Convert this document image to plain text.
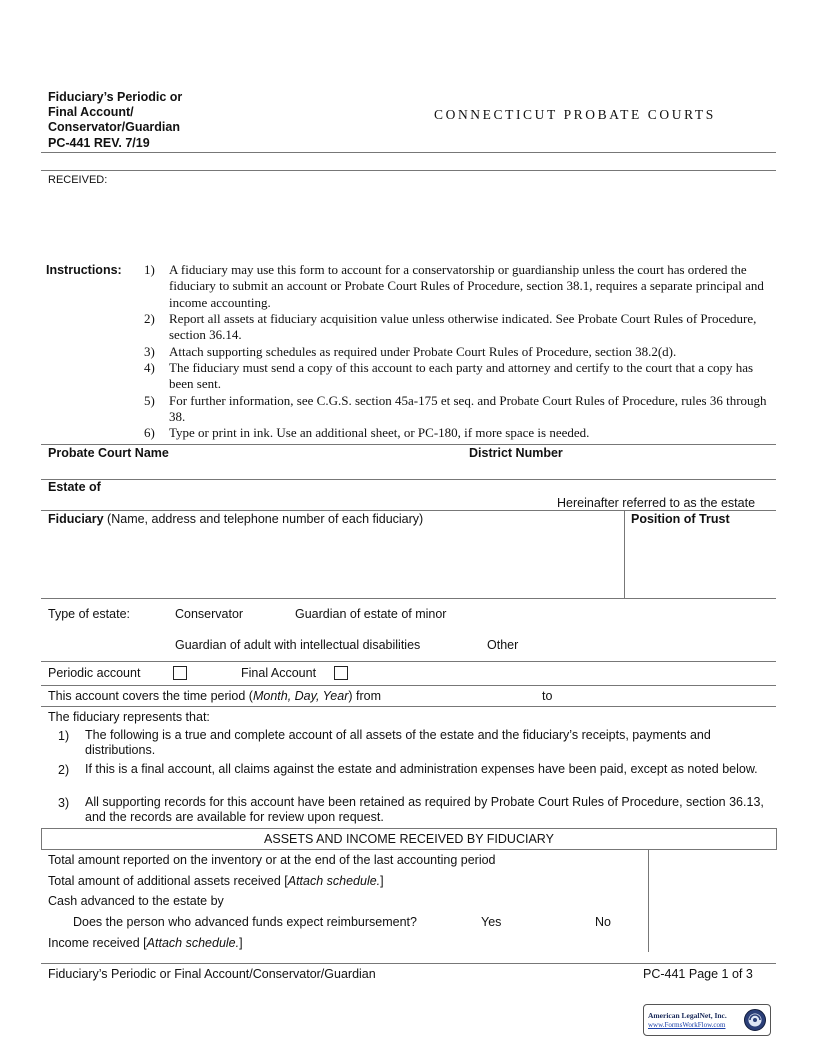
Fiduciary’s Periodic or
Final Account/
Conservator/Guardian
PC-441 REV. 7/19
CONNECTICUT PROBATE COURTS
RECEIVED:
Instructions: 1)	A fiduciary may use this form to account for a conservatorship or guardianship unless the court has ordered the fiduciary to submit an account or Probate Court Rules of Procedure, section 38.1, requires a separate principal and income accounting.
2)	Report all assets at fiduciary acquisition value unless otherwise indicated. See Probate Court Rules of Procedure, section 36.14.
3)	Attach supporting schedules as required under Probate Court Rules of Procedure, section 38.2(d).
4)	The fiduciary must send a copy of this account to each party and attorney and certify to the court that a copy has been sent.
5)	For further information, see C.G.S. section 45a-175 et seq. and Probate Court Rules of Procedure, rules 36 through 38.
6)	Type or print in ink. Use an additional sheet, or PC-180, if more space is needed.
Probate Court Name	District Number
Estate of
Hereinafter referred to as the estate
Fiduciary (Name, address and telephone number of each fiduciary)	Position of Trust
Type of estate:	Conservator	Guardian of estate of minor
Guardian of adult with intellectual disabilities	Other
Periodic account	Final Account
This account covers the time period (Month, Day, Year) from	to
The fiduciary represents that:
1) The following is a true and complete account of all assets of the estate and the fiduciary’s receipts, payments and distributions.
2) If this is a final account, all claims against the estate and administration expenses have been paid, except as noted below.
3) All supporting records for this account have been retained as required by Probate Court Rules of Procedure, section 36.13, and the records are available for review upon request.
ASSETS AND INCOME RECEIVED BY FIDUCIARY
Total amount reported on the inventory or at the end of the last accounting period
Total amount of additional assets received [Attach schedule.]
Cash advanced to the estate by
Does the person who advanced funds expect reimbursement?	Yes	No
Income received [Attach schedule.]
Fiduciary’s Periodic or Final Account/Conservator/Guardian	PC-441 Page 1 of 3
American LegalNet, Inc.
www.FormsWorkFlow.com
